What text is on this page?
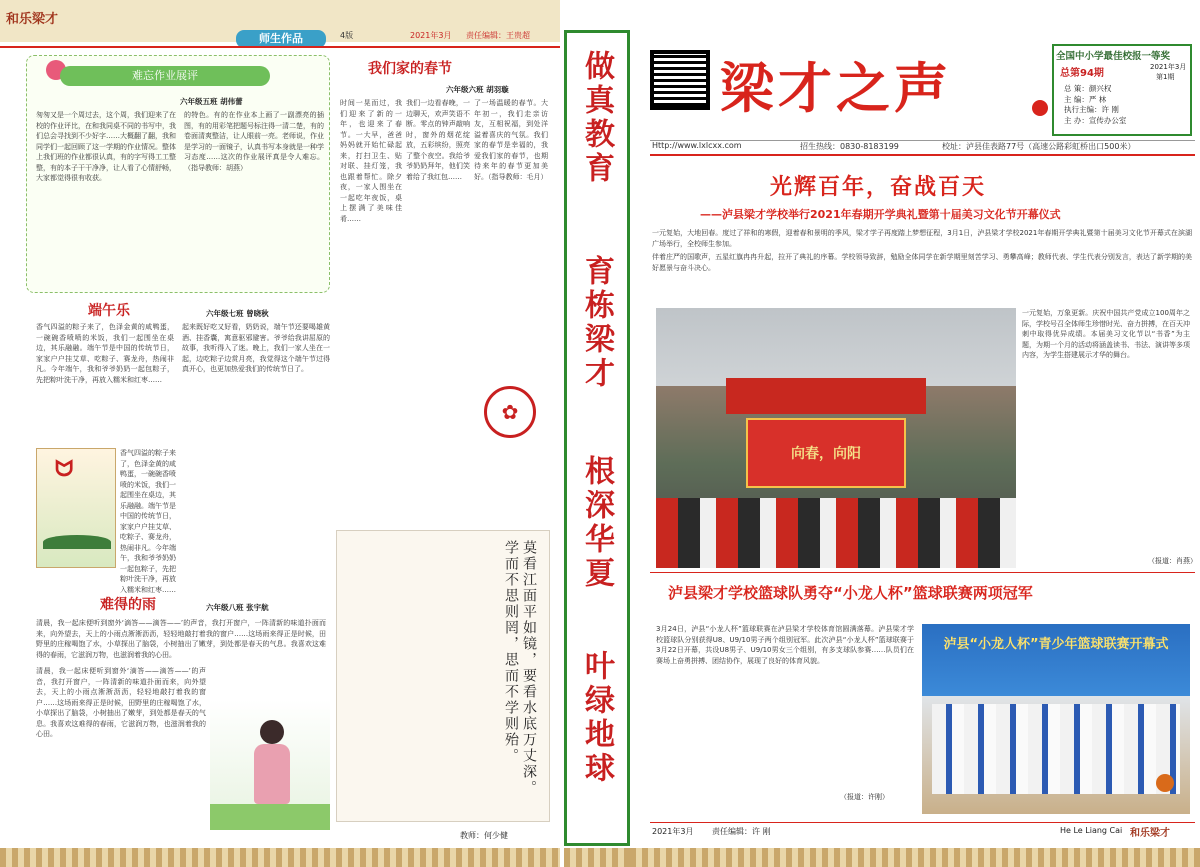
和乐梁才
师生作品	4版	2021年3月 责任编辑：王贵超
难忘作业展评
六年级五班 胡伟蕾
匆匆又是一个周过去，这个周，我们迎来了在校的作业评比，在和我同桌不同的书写中，我们总会寻找到不少好字……大概翻了翻，我和同学们一起回顾了这一学期的作业情况。整体上我们班的作业都很认真，有的字写得工工整整，有的本子干干净净，让人看了心情舒畅，大家都觉得很有收获。
的特色。有的在作业本上画了一副漂亮的插图，有的用彩笔把题号标注得一清二楚，有的卷面清爽整洁，让人眼前一亮。老师说，作业是学习的一面镜子，认真书写本身就是一种学习态度……这次的作业展评真是令人难忘。（指导教师：胡燕）
端午乐	六年级七班 曾晓秋
香气四溢的粽子来了，色泽金黄的咸鸭蛋，一碗碗香喷喷的米饭，我们一起围坐在桌边，其乐融融。端午节是中国的传统节日，家家户户挂艾草、吃粽子、赛龙舟，热闹非凡。今年端午，我和爷爷奶奶一起包粽子，先把粽叶洗干净，再放入糯米和红枣……
ᗢ
香气四溢的粽子来了，色泽金黄的咸鸭蛋，一碗碗香喷喷的米饭，我们一起围坐在桌边，其乐融融。端午节是中国的传统节日，家家户户挂艾草、吃粽子、赛龙舟，热闹非凡。今年端午，我和爷爷奶奶一起包粽子，先把粽叶洗干净，再放入糯米和红枣……
起来既好吃又好看，奶奶说，端午节还要喝雄黄酒、挂香囊，寓意驱邪避害。爷爷给我讲屈原的故事，我听得入了迷。晚上，我们一家人坐在一起，边吃粽子边赏月亮，我觉得这个端午节过得真开心，也更加热爱我们的传统节日了。
难得的雨	六年级八班 张宇航
清晨，我一起床便听到窗外‘滴答——滴答——’的声音，我打开窗户，一阵清新的味道扑面而来，向外望去，天上的小雨点淅淅沥沥，轻轻地敲打着我的窗户……这场雨来得正是时候，田野里的庄稼喝饱了水，小草探出了脑袋，小树抽出了嫩芽，到处都是春天的气息。我喜欢这难得的春雨，它滋润万物，也滋润着我的心田。
清晨，我一起床便听到窗外‘滴答——滴答——’的声音，我打开窗户，一阵清新的味道扑面而来，向外望去，天上的小雨点淅淅沥沥，轻轻地敲打着我的窗户……这场雨来得正是时候，田野里的庄稼喝饱了水，小草探出了脑袋，小树抽出了嫩芽，到处都是春天的气息。我喜欢这难得的春雨，它滋润万物，也滋润着我的心田。
我们家的春节
六年级六班 胡羽璇
时间一晃而过，我们迎来了新的一年，也迎来了春节。一大早，爸爸妈妈就开始忙碌起来，打扫卫生、贴对联、挂灯笼，我也跟着帮忙。除夕夜，一家人围坐在一起吃年夜饭，桌上摆满了美味佳肴……
我们一边看春晚，一边聊天，欢声笑语不断。零点的钟声敲响时，窗外的烟花绽放，五彩缤纷，照亮了整个夜空。我给爷爷奶奶拜年，他们笑着给了我红包……
了一场温暖的春节。大年初一，我们走亲访友，互相祝福，到处洋溢着喜庆的气氛。我们家的春节是幸福的，我爱我们家的春节，也期待来年的春节更加美好。（指导教师：毛月）
✿
莫看江面平如镜，要看水底万丈深。学而不思则罔，思而不学则殆。
教师：何少健
做真教育
育栋梁才
根深华夏
叶绿地球
梁才之声	全国中小学最佳校报一等奖
总第94期
2021年3月
第1期
总 策：颜兴权
主 编：严 林
执行主编：许 刚
主 办：宣传办公室
Http://www.lxlcxx.com	招生热线：0830-8183199	校址：泸县佳表路77号（高速公路彩虹桥出口500米）
光辉百年，奋战百天
——泸县梁才学校举行2021年春期开学典礼暨第十届美习文化节开幕仪式
一元复始，大地回春。度过了祥和的寒假，迎着春和景明的季风，梁才学子再度踏上梦想征程，3月1日，泸县梁才学校2021年春期开学典礼暨第十届美习文化节开幕式在滨湖广场举行，全校师生参加。
伴着庄严的国歌声，五星红旗冉冉升起，拉开了典礼的序幕。学校领导致辞，勉励全体同学在新学期里刻苦学习、勇攀高峰；教师代表、学生代表分别发言，表达了新学期的美好愿景与奋斗决心。
向春，向阳
一元复始，万象更新。庆祝中国共产党成立100周年之际，学校号召全体师生珍惜时光、奋力拼搏，在百天冲刺中取得优异成绩。本届美习文化节以“书香”为主题，为期一个月的活动将涵盖读书、书法、演讲等多项内容，为学生搭建展示才华的舞台。
（报道：肖燕）
泸县梁才学校篮球队勇夺“小龙人杯”篮球联赛两项冠军
3月24日，泸县“小龙人杯”篮球联赛在泸县梁才学校体育馆圆满落幕。泸县梁才学校篮球队分别获得U8、U9/10男子两个组别冠军。此次泸县“小龙人杯”篮球联赛于3月22日开幕，共设U8男子、U9/10男女三个组别，有多支球队参赛……队员们在赛场上奋勇拼搏、团结协作，展现了良好的体育风貌。
（报道：许刚）
泸县“小龙人杯”青少年篮球联赛开幕式
2021年3月 责任编辑：许 刚	He Le Liang Cai 和乐梁才
